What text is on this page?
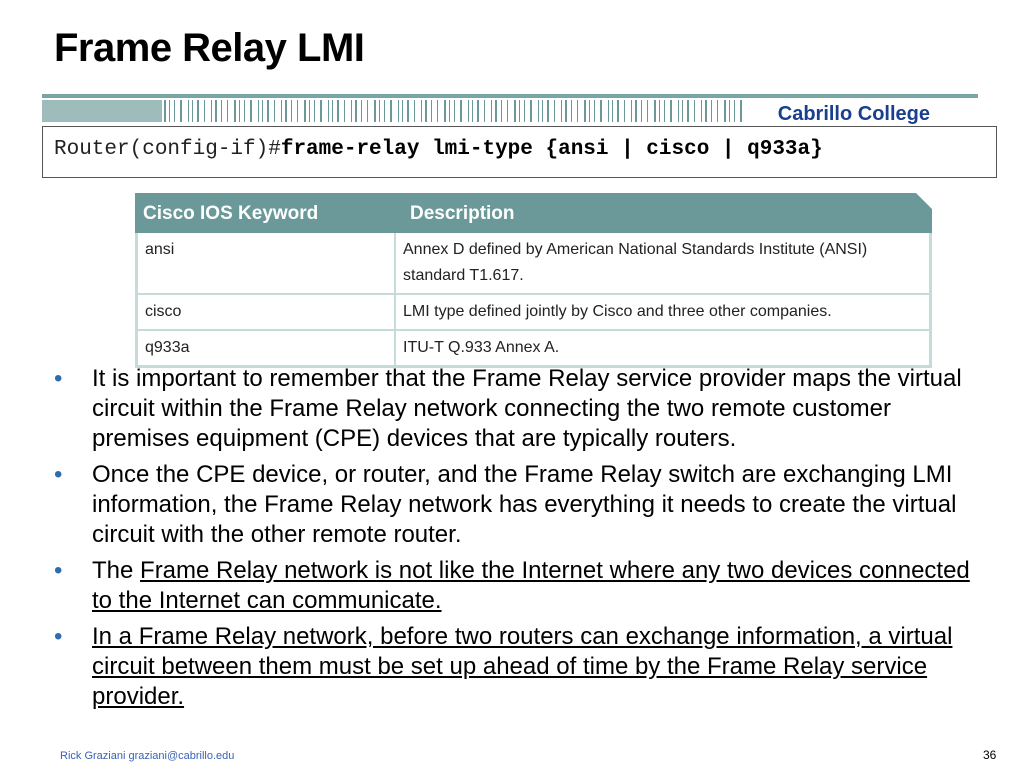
Frame Relay LMI
Cabrillo College
Router(config-if)#frame-relay lmi-type {ansi | cisco | q933a}
Cisco IOS Keyword	Description
ansi	Annex D defined by American National Standards Institute (ANSI) standard T1.617.
cisco	LMI type defined jointly by Cisco and three other companies.
q933a	ITU-T Q.933 Annex A.
• It is important to remember that the Frame Relay service provider maps the virtual circuit within the Frame Relay network connecting the two remote customer premises equipment (CPE) devices that are typically routers.
• Once the CPE device, or router, and the Frame Relay switch are exchanging LMI information, the Frame Relay network has everything it needs to create the virtual circuit with the other remote router.
• The Frame Relay network is not like the Internet where any two devices connected to the Internet can communicate.
• In a Frame Relay network, before two routers can exchange information, a virtual circuit between them must be set up ahead of time by the Frame Relay service provider.
Rick Graziani graziani@cabrillo.edu	36
